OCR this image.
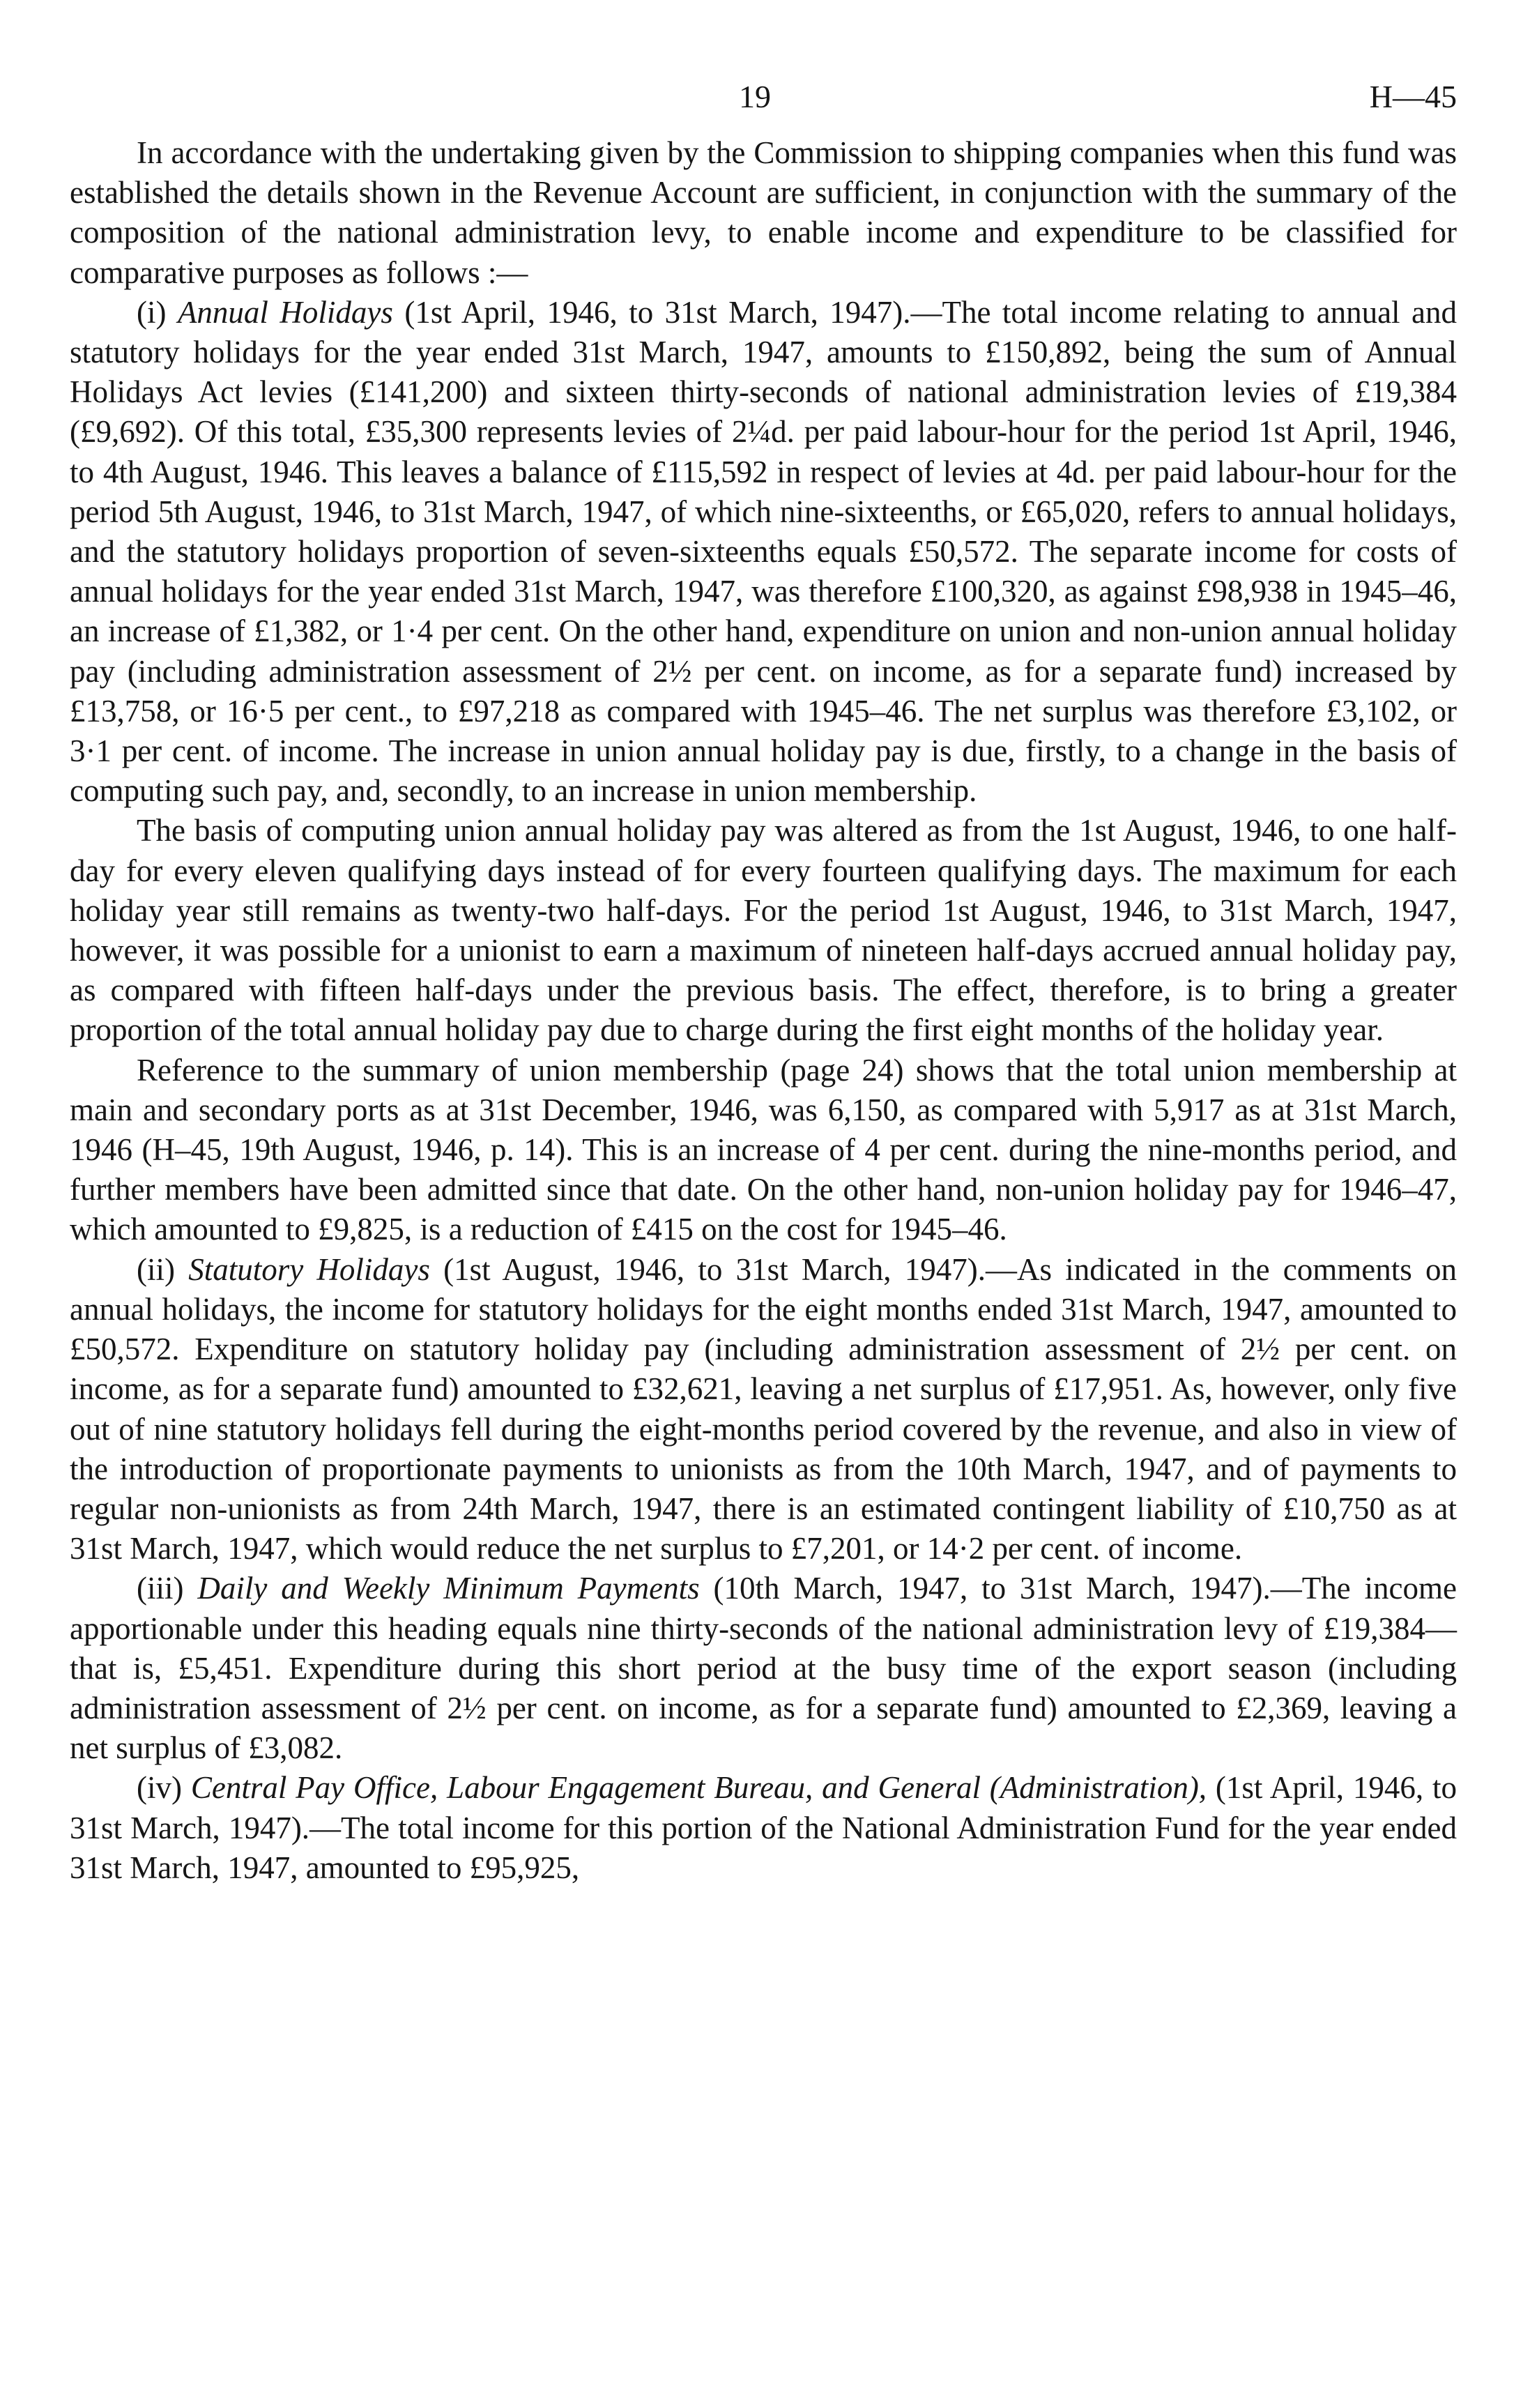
19	H—45

In accordance with the undertaking given by the Commission to shipping companies when this fund was established the details shown in the Revenue Account are sufficient, in conjunction with the summary of the composition of the national administration levy, to enable income and expenditure to be classified for comparative purposes as follows :—

(i) Annual Holidays (1st April, 1946, to 31st March, 1947).—The total income relating to annual and statutory holidays for the year ended 31st March, 1947, amounts to £150,892, being the sum of Annual Holidays Act levies (£141,200) and sixteen thirty-seconds of national administration levies of £19,384 (£9,692). Of this total, £35,300 represents levies of 2¼d. per paid labour-hour for the period 1st April, 1946, to 4th August, 1946. This leaves a balance of £115,592 in respect of levies at 4d. per paid labour-hour for the period 5th August, 1946, to 31st March, 1947, of which nine-sixteenths, or £65,020, refers to annual holidays, and the statutory holidays proportion of seven-sixteenths equals £50,572. The separate income for costs of annual holidays for the year ended 31st March, 1947, was therefore £100,320, as against £98,938 in 1945–46, an increase of £1,382, or 1·4 per cent. On the other hand, expenditure on union and non-union annual holiday pay (including administration assessment of 2½ per cent. on income, as for a separate fund) increased by £13,758, or 16·5 per cent., to £97,218 as compared with 1945–46. The net surplus was therefore £3,102, or 3·1 per cent. of income. The increase in union annual holiday pay is due, firstly, to a change in the basis of computing such pay, and, secondly, to an increase in union membership.

The basis of computing union annual holiday pay was altered as from the 1st August, 1946, to one half-day for every eleven qualifying days instead of for every fourteen qualifying days. The maximum for each holiday year still remains as twenty-two half-days. For the period 1st August, 1946, to 31st March, 1947, however, it was possible for a unionist to earn a maximum of nineteen half-days accrued annual holiday pay, as compared with fifteen half-days under the previous basis. The effect, therefore, is to bring a greater proportion of the total annual holiday pay due to charge during the first eight months of the holiday year.

Reference to the summary of union membership (page 24) shows that the total union membership at main and secondary ports as at 31st December, 1946, was 6,150, as compared with 5,917 as at 31st March, 1946 (H–45, 19th August, 1946, p. 14). This is an increase of 4 per cent. during the nine-months period, and further members have been admitted since that date. On the other hand, non-union holiday pay for 1946–47, which amounted to £9,825, is a reduction of £415 on the cost for 1945–46.

(ii) Statutory Holidays (1st August, 1946, to 31st March, 1947).—As indicated in the comments on annual holidays, the income for statutory holidays for the eight months ended 31st March, 1947, amounted to £50,572. Expenditure on statutory holiday pay (including administration assessment of 2½ per cent. on income, as for a separate fund) amounted to £32,621, leaving a net surplus of £17,951. As, however, only five out of nine statutory holidays fell during the eight-months period covered by the revenue, and also in view of the introduction of proportionate payments to unionists as from the 10th March, 1947, and of payments to regular non-unionists as from 24th March, 1947, there is an estimated contingent liability of £10,750 as at 31st March, 1947, which would reduce the net surplus to £7,201, or 14·2 per cent. of income.

(iii) Daily and Weekly Minimum Payments (10th March, 1947, to 31st March, 1947).—The income apportionable under this heading equals nine thirty-seconds of the national administration levy of £19,384—that is, £5,451. Expenditure during this short period at the busy time of the export season (including administration assessment of 2½ per cent. on income, as for a separate fund) amounted to £2,369, leaving a net surplus of £3,082.

(iv) Central Pay Office, Labour Engagement Bureau, and General (Administration), (1st April, 1946, to 31st March, 1947).—The total income for this portion of the National Administration Fund for the year ended 31st March, 1947, amounted to £95,925,
